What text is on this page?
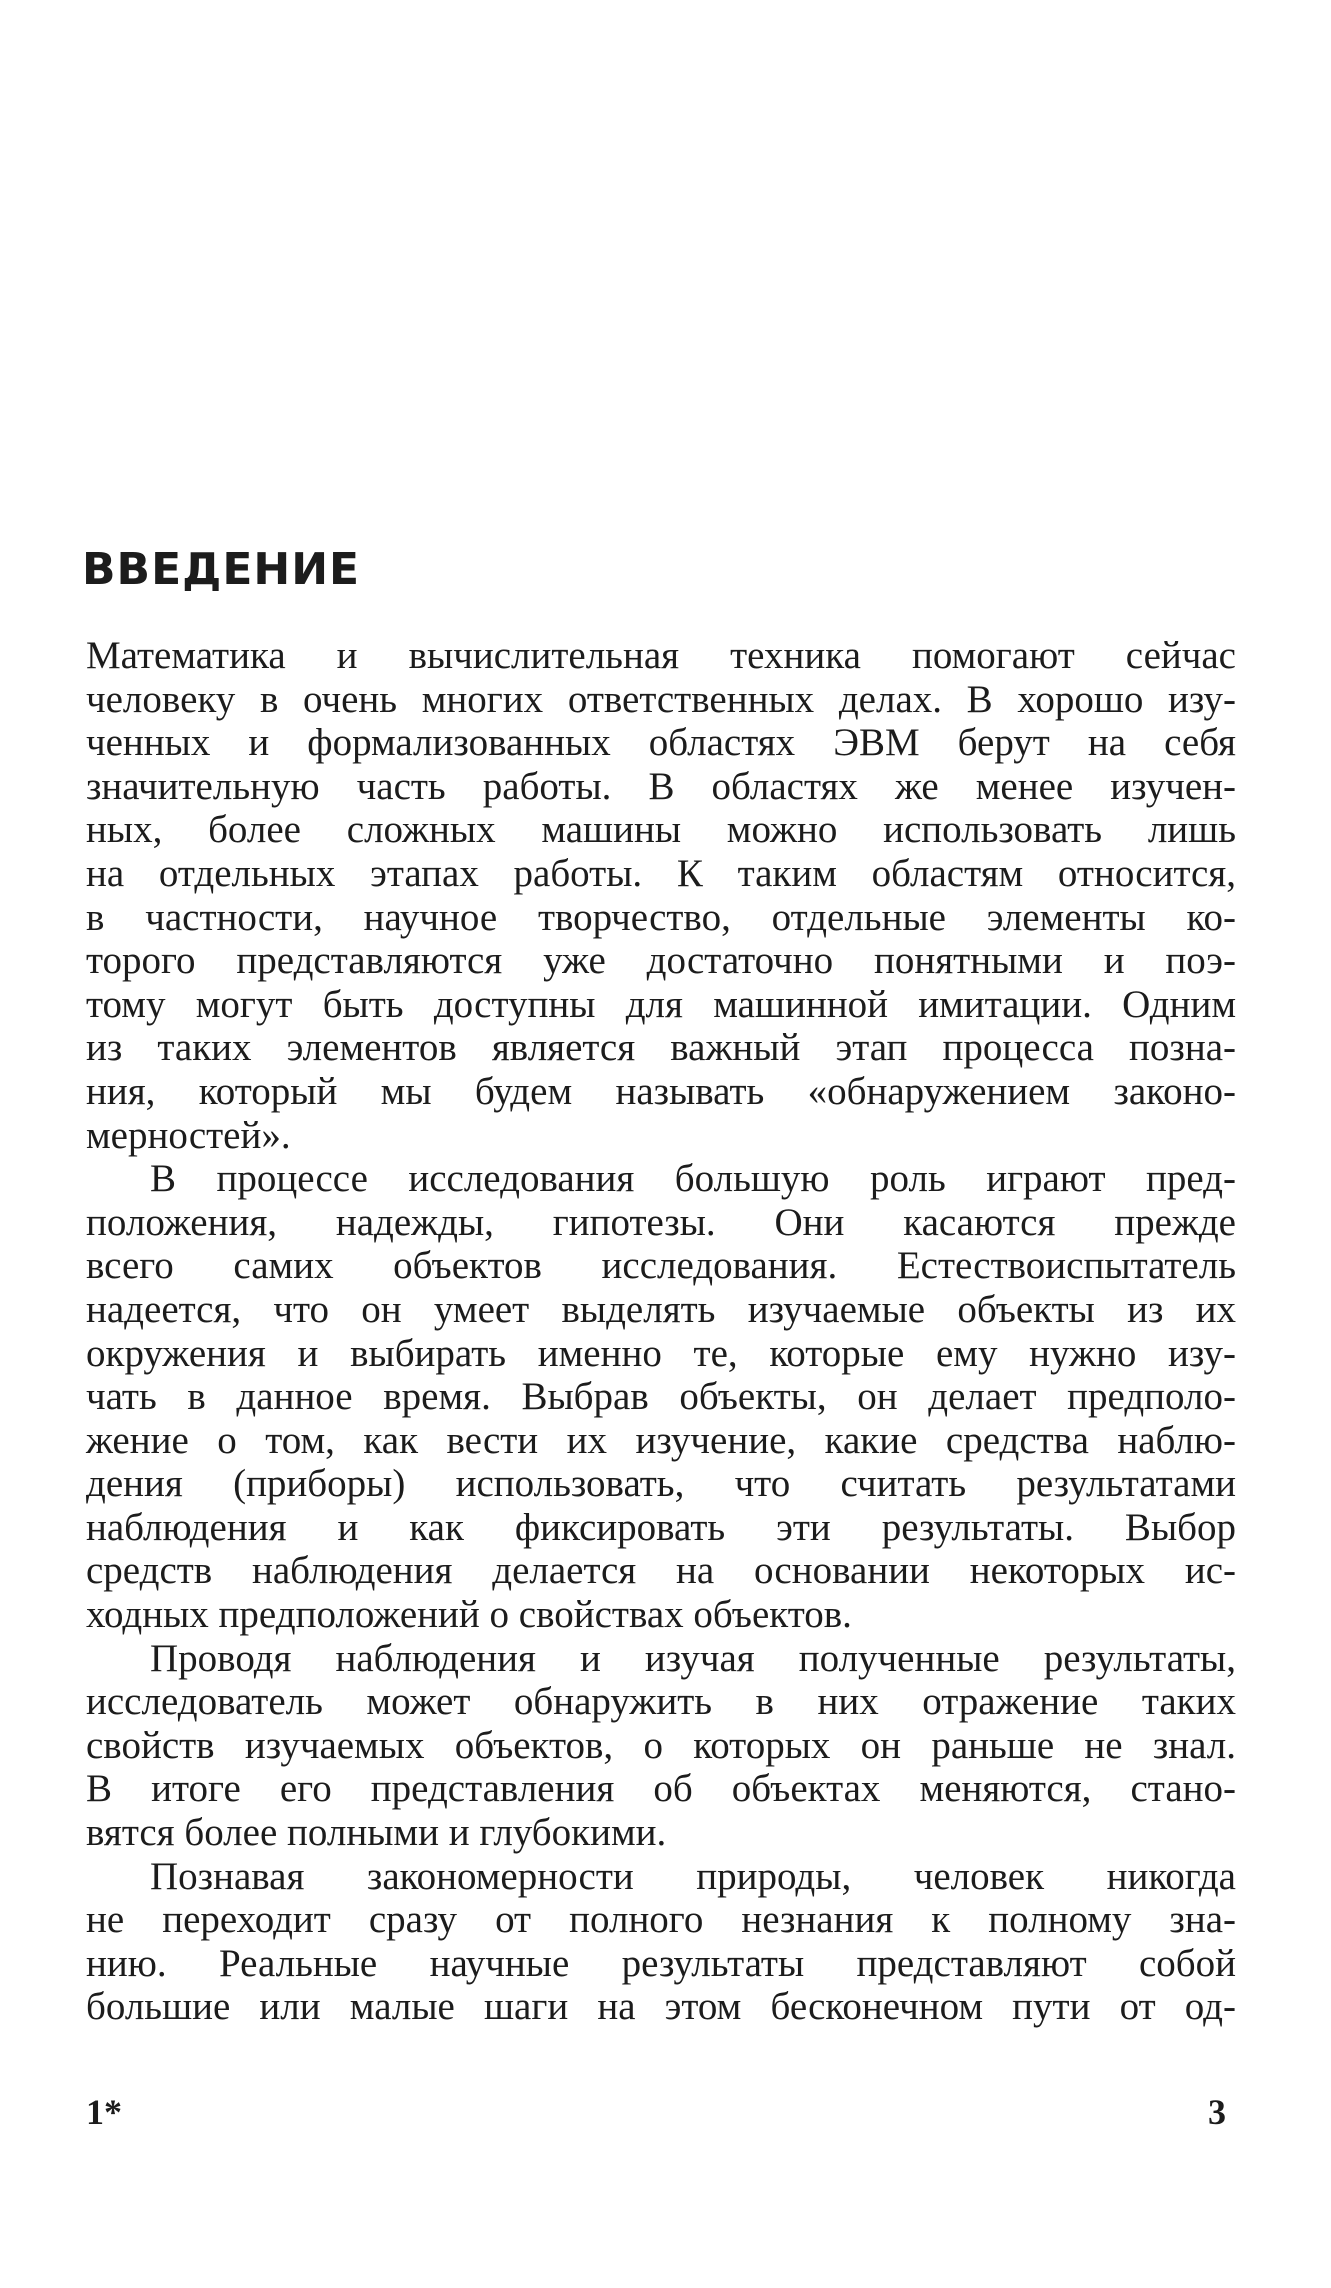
ВВЕДЕНИЕ

Математика и вычислительная техника помогают сейчас
человеку в очень многих ответственных делах. В хорошо изу-
ченных и формализованных областях ЭВМ берут на себя
значительную часть работы. В областях же менее изучен-
ных, более сложных машины можно использовать лишь
на отдельных этапах работы. К таким областям относится,
в частности, научное творчество, отдельные элементы ко-
торого представляются уже достаточно понятными и поэ-
тому могут быть доступны для машинной имитации. Одним
из таких элементов является важный этап процесса позна-
ния, который мы будем называть «обнаружением законо-
мерностей».

В процессе исследования большую роль играют пред-
положения, надежды, гипотезы. Они касаются прежде
всего самих объектов исследования. Естествоиспытатель
надеется, что он умеет выделять изучаемые объекты из их
окружения и выбирать именно те, которые ему нужно изу-
чать в данное время. Выбрав объекты, он делает предполо-
жение о том, как вести их изучение, какие средства наблю-
дения (приборы) использовать, что считать результатами
наблюдения и как фиксировать эти результаты. Выбор
средств наблюдения делается на основании некоторых ис-
ходных предположений о свойствах объектов.

Проводя наблюдения и изучая полученные результаты,
исследователь может обнаружить в них отражение таких
свойств изучаемых объектов, о которых он раньше не знал.
В итоге его представления об объектах меняются, стано-
вятся более полными и глубокими.

Познавая закономерности природы, человек никогда
не переходит сразу от полного незнания к полному зна-
нию. Реальные научные результаты представляют собой
большие или малые шаги на этом бесконечном пути от од-

1*	3
